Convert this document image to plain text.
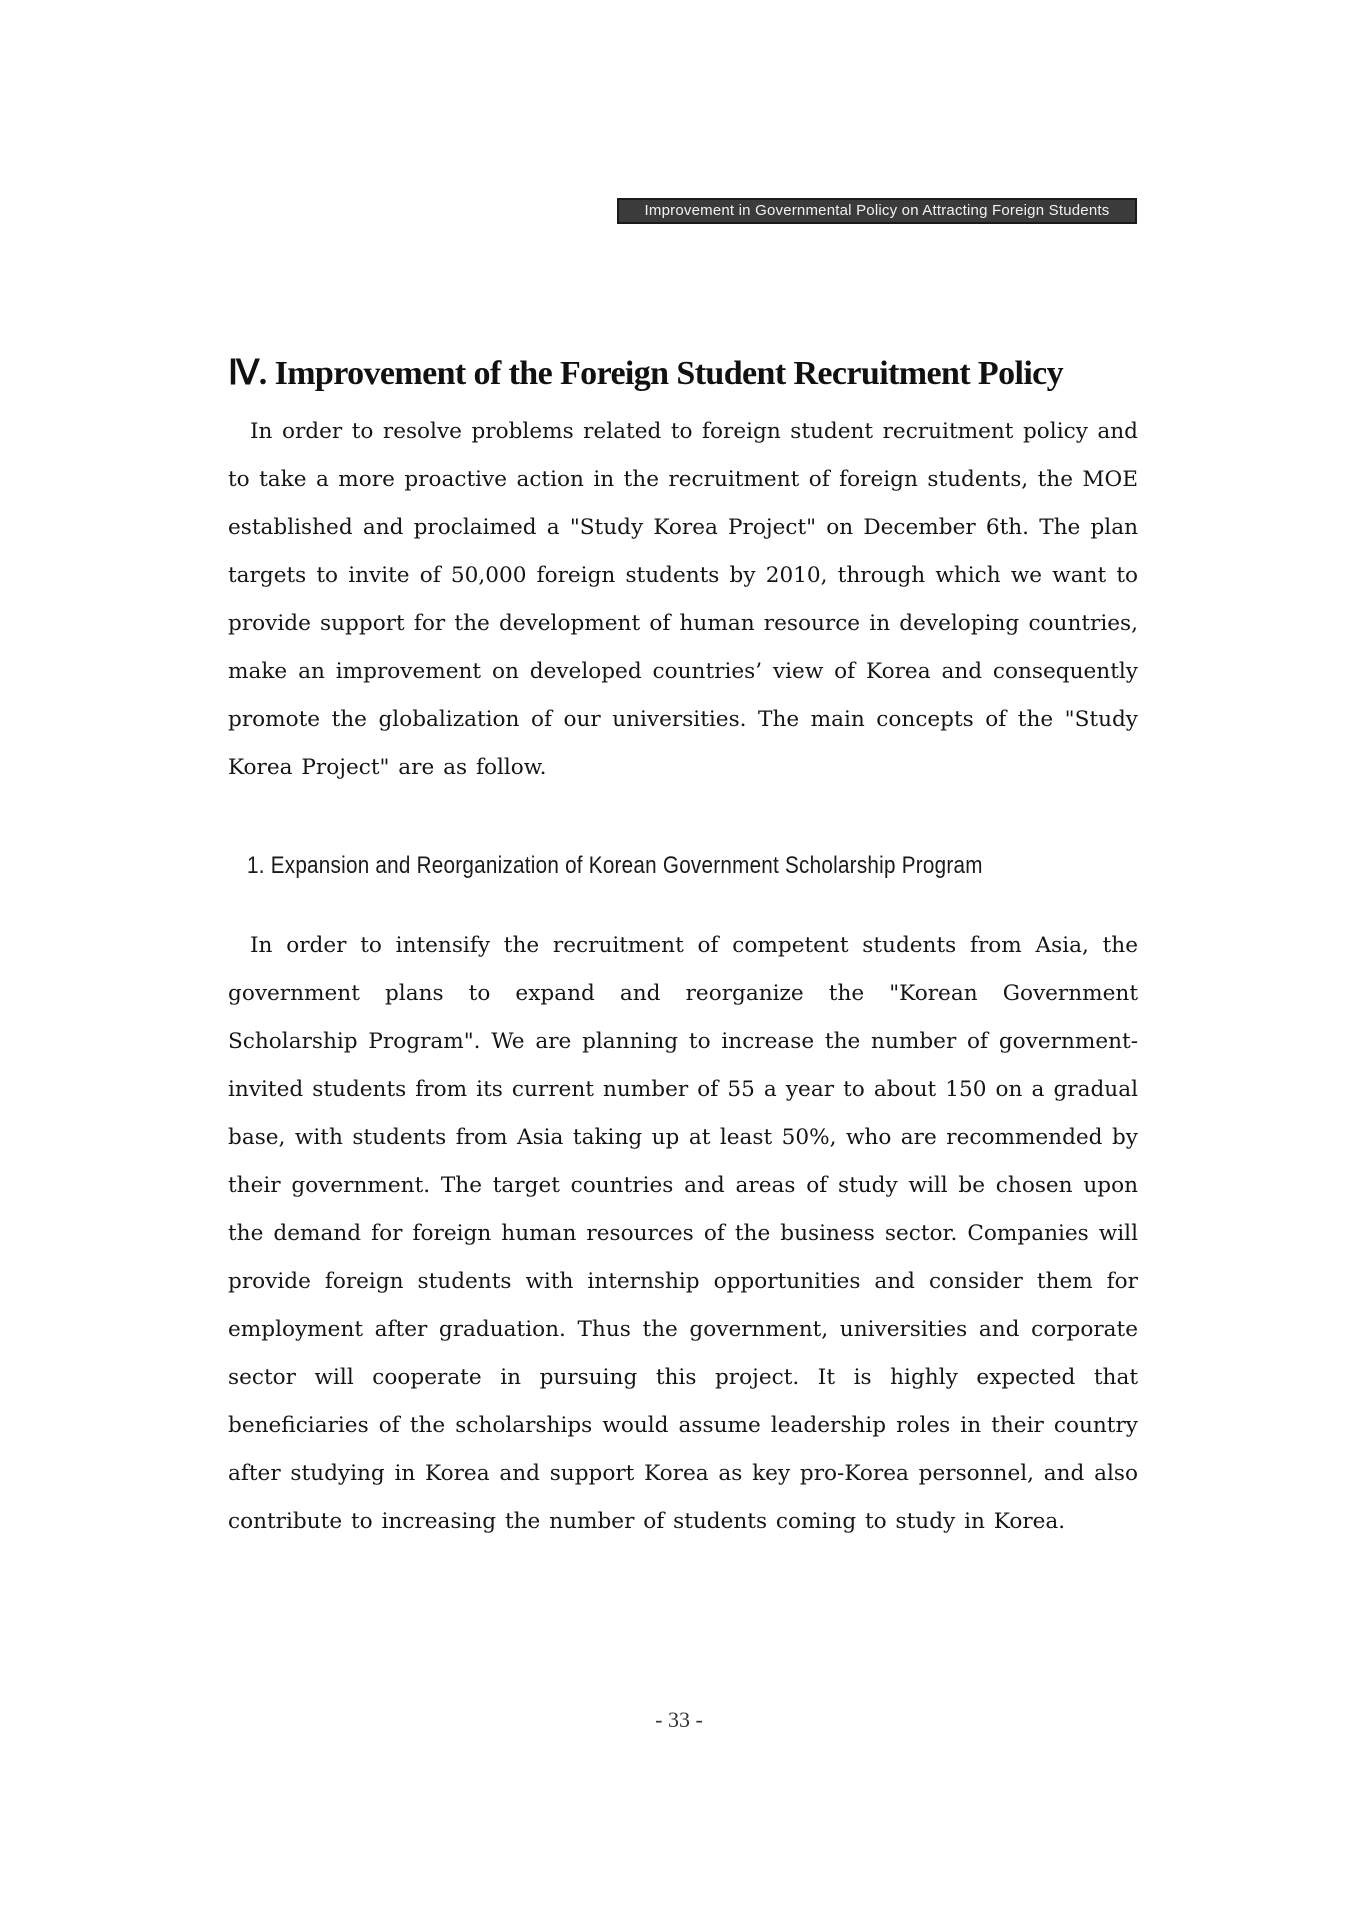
Improvement in Governmental Policy on Attracting Foreign Students
Ⅳ. Improvement of the Foreign Student Recruitment Policy

In order to resolve problems related to foreign student recruitment policy and to take a more proactive action in the recruitment of foreign students, the MOE established and proclaimed a "Study Korea Project" on December 6th. The plan targets to invite of 50,000 foreign students by 2010, through which we want to provide support for the development of human resource in developing countries, make an improvement on developed countries’ view of Korea and consequently promote the globalization of our universities. The main concepts of the "Study Korea Project" are as follow.

1. Expansion and Reorganization of Korean Government Scholarship Program

In order to intensify the recruitment of competent students from Asia, the government plans to expand and reorganize the "Korean Government Scholarship Program". We are planning to increase the number of government-invited students from its current number of 55 a year to about 150 on a gradual base, with students from Asia taking up at least 50%, who are recommended by their government. The target countries and areas of study will be chosen upon the demand for foreign human resources of the business sector. Companies will provide foreign students with internship opportunities and consider them for employment after graduation. Thus the government, universities and corporate sector will cooperate in pursuing this project. It is highly expected that beneficiaries of the scholarships would assume leadership roles in their country after studying in Korea and support Korea as key pro-Korea personnel, and also contribute to increasing the number of students coming to study in Korea.

- 33 -
